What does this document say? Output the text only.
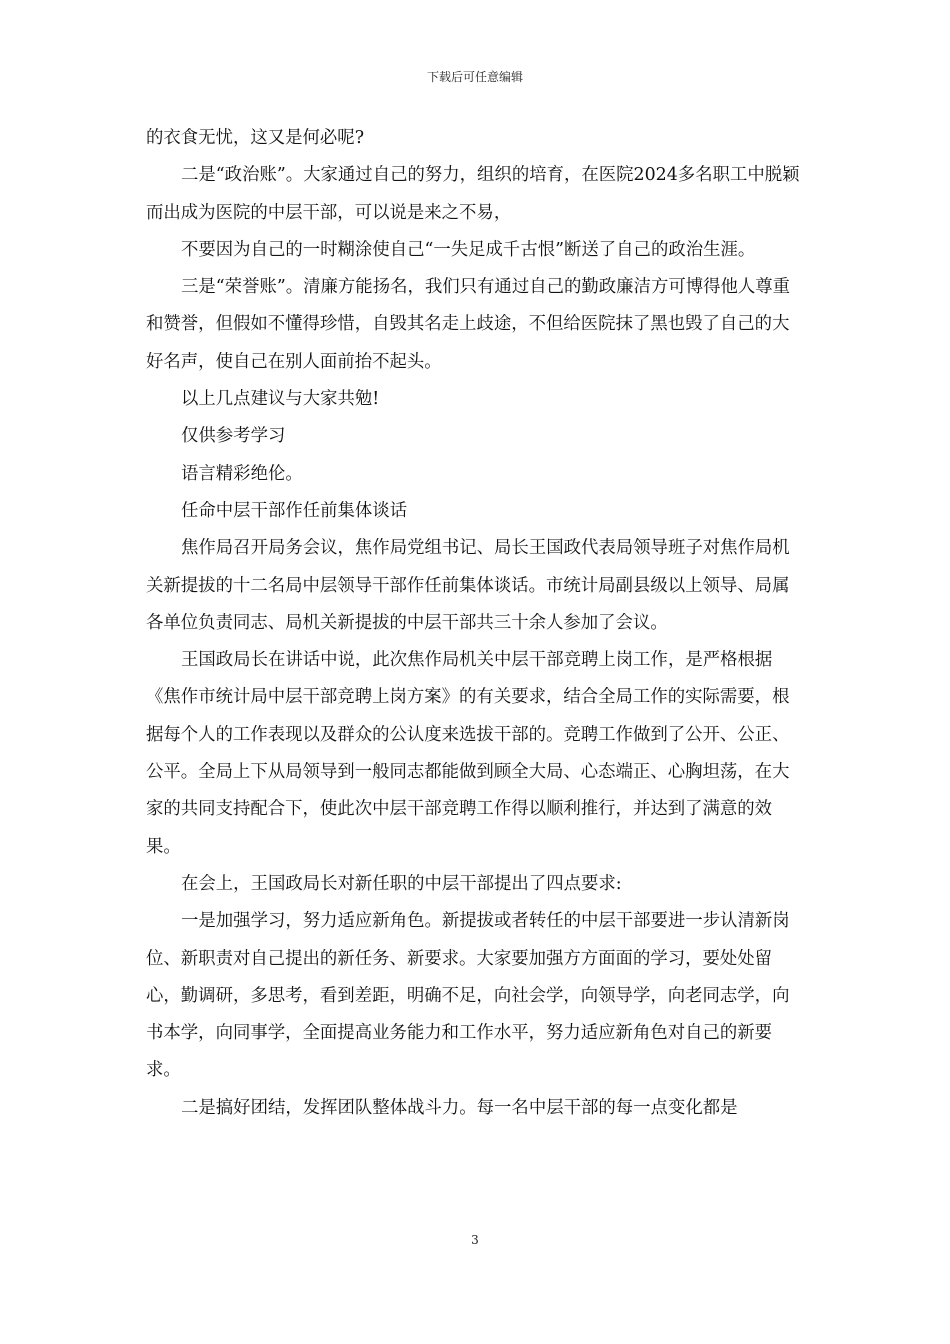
下载后可任意编辑

的衣食无忧，这又是何必呢?

二是“政治账”。大家通过自己的努力，组织的培育，在医院2024多名职工中脱颖而出成为医院的中层干部，可以说是来之不易，

不要因为自己的一时糊涂使自己“一失足成千古恨”断送了自己的政治生涯。

三是“荣誉账”。清廉方能扬名，我们只有通过自己的勤政廉洁方可博得他人尊重和赞誉，但假如不懂得珍惜，自毁其名走上歧途，不但给医院抹了黑也毁了自己的大好名声，使自己在别人面前抬不起头。

以上几点建议与大家共勉!

仅供参考学习

语言精彩绝伦。

任命中层干部作任前集体谈话

焦作局召开局务会议，焦作局党组书记、局长王国政代表局领导班子对焦作局机关新提拔的十二名局中层领导干部作任前集体谈话。市统计局副县级以上领导、局属各单位负责同志、局机关新提拔的中层干部共三十余人参加了会议。

王国政局长在讲话中说，此次焦作局机关中层干部竞聘上岗工作，是严格根据《焦作市统计局中层干部竞聘上岗方案》的有关要求，结合全局工作的实际需要，根据每个人的工作表现以及群众的公认度来选拔干部的。竞聘工作做到了公开、公正、公平。全局上下从局领导到一般同志都能做到顾全大局、心态端正、心胸坦荡，在大家的共同支持配合下，使此次中层干部竞聘工作得以顺利推行，并达到了满意的效果。

在会上，王国政局长对新任职的中层干部提出了四点要求:

一是加强学习，努力适应新角色。新提拔或者转任的中层干部要进一步认清新岗位、新职责对自己提出的新任务、新要求。大家要加强方方面面的学习，要处处留心，勤调研，多思考，看到差距，明确不足，向社会学，向领导学，向老同志学，向书本学，向同事学，全面提高业务能力和工作水平，努力适应新角色对自己的新要求。

二是搞好团结，发挥团队整体战斗力。每一名中层干部的每一点变化都是

3
